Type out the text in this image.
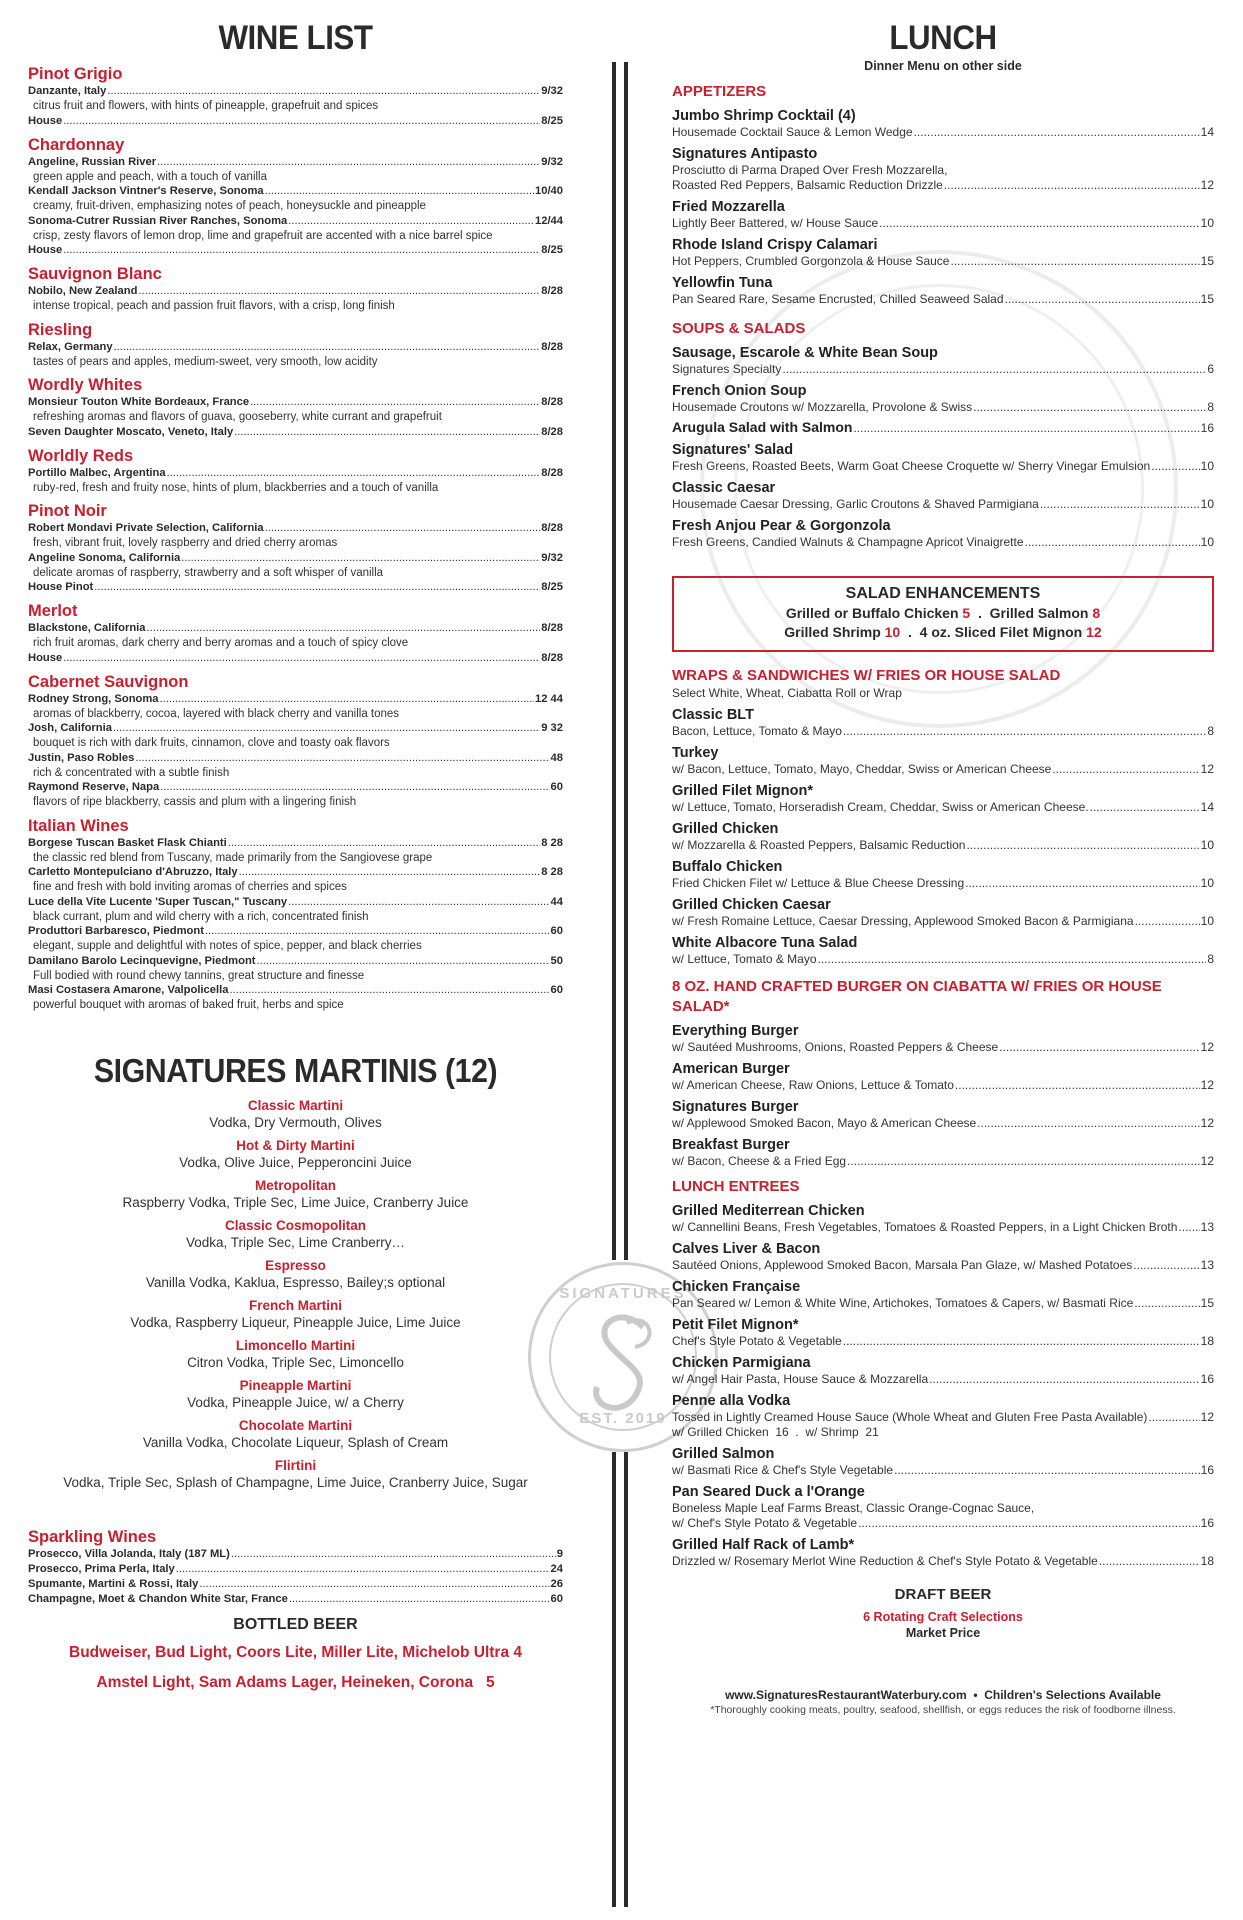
SIGNATURES
EST. 2019
WINE LIST
Pinot Grigio
Danzante, Italy .....	9/32
citrus fruit and flowers, with hints of pineapple, grapefruit and spices
House .....	8/25
Chardonnay
Angeline, Russian River .....	9/32
green apple and peach, with a touch of vanilla
Kendall Jackson Vintner's Reserve, Sonoma .....	10/40
creamy, fruit-driven, emphasizing notes of peach, honeysuckle and pineapple
Sonoma-Cutrer Russian River Ranches, Sonoma .....	12/44
crisp, zesty flavors of lemon drop, lime and grapefruit are accented with a nice barrel spice
House .....	8/25
Sauvignon Blanc
Nobilo, New Zealand .....	8/28
intense tropical, peach and passion fruit flavors, with a crisp, long finish
Riesling
Relax, Germany .....	8/28
tastes of pears and apples, medium-sweet, very smooth, low acidity
Wordly Whites
Monsieur Touton White Bordeaux, France .....	8/28
refreshing aromas and flavors of guava, gooseberry, white currant and grapefruit
Seven Daughter Moscato, Veneto, Italy .....	8/28
Worldly Reds
Portillo Malbec, Argentina .....	8/28
ruby-red, fresh and fruity nose, hints of plum, blackberries and a touch of vanilla
Pinot Noir
Robert Mondavi Private Selection, California .....	8/28
fresh, vibrant fruit, lovely raspberry and dried cherry aromas
Angeline Sonoma, California .....	9/32
delicate aromas of raspberry, strawberry and a soft whisper of vanilla
House Pinot .....	8/25
Merlot
Blackstone, California .....	8/28
rich fruit aromas, dark cherry and berry aromas and a touch of spicy clove
House .....	8/28
Cabernet Sauvignon
Rodney Strong, Sonoma .....	12 44
aromas of blackberry, cocoa, layered with black cherry and vanilla tones
Josh, California .....	9 32
bouquet is rich with dark fruits, cinnamon, clove and toasty oak flavors
Justin, Paso Robles .....	48
rich & concentrated with a subtle finish
Raymond Reserve, Napa .....	60
flavors of ripe blackberry, cassis and plum with a lingering finish
Italian Wines
Borgese Tuscan Basket Flask Chianti .....	8 28
the classic red blend from Tuscany, made primarily from the Sangiovese grape
Carletto Montepulciano d'Abruzzo, Italy .....	8 28
fine and fresh with bold inviting aromas of cherries and spices
Luce della Vite Lucente 'Super Tuscan," Tuscany .....	44
black currant, plum and wild cherry with a rich, concentrated finish
Produttori Barbaresco, Piedmont .....	60
elegant, supple and delightful with notes of spice, pepper, and black cherries
Damilano Barolo Lecinquevigne, Piedmont .....	50
Full bodied with round chewy tannins, great structure and finesse
Masi Costasera Amarone, Valpolicella .....	60
powerful bouquet with aromas of baked fruit, herbs and spice
SIGNATURES MARTINIS (12)
Classic Martini
Vodka, Dry Vermouth, Olives
Hot & Dirty Martini
Vodka, Olive Juice, Pepperoncini Juice
Metropolitan
Raspberry Vodka, Triple Sec, Lime Juice, Cranberry Juice
Classic Cosmopolitan
Vodka, Triple Sec, Lime Cranberry…
Espresso
Vanilla Vodka, Kaklua, Espresso, Bailey;s optional
French Martini
Vodka, Raspberry Liqueur, Pineapple Juice, Lime Juice
Limoncello Martini
Citron Vodka, Triple Sec, Limoncello
Pineapple Martini
Vodka, Pineapple Juice, w/ a Cherry
Chocolate Martini
Vanilla Vodka, Chocolate Liqueur, Splash of Cream
Flirtini
Vodka, Triple Sec, Splash of Champagne, Lime Juice, Cranberry Juice, Sugar
Sparkling Wines
Prosecco, Villa Jolanda, Italy (187 ML) .....	9
Prosecco, Prima Perla, Italy .....	24
Spumante, Martini & Rossi, Italy .....	26
Champagne, Moet & Chandon White Star, France .....	60
BOTTLED BEER
Budweiser, Bud Light, Coors Lite, Miller Lite, Michelob Ultra 4
Amstel Light, Sam Adams Lager, Heineken, Corona   5
LUNCH
Dinner Menu on other side
APPETIZERS
Jumbo Shrimp Cocktail (4)
Housemade Cocktail Sauce & Lemon Wedge .....	14
Signatures Antipasto
Prosciutto di Parma Draped Over Fresh Mozzarella,
Roasted Red Peppers, Balsamic Reduction Drizzle .....	12
Fried Mozzarella
Lightly Beer Battered, w/ House Sauce .....	10
Rhode Island Crispy Calamari
Hot Peppers, Crumbled Gorgonzola & House Sauce .....	15
Yellowfin Tuna
Pan Seared Rare, Sesame Encrusted, Chilled Seaweed Salad .....	15
SOUPS & SALADS
Sausage, Escarole & White Bean Soup
Signatures Specialty .....	6
French Onion Soup
Housemade Croutons w/ Mozzarella, Provolone & Swiss .....	8
Arugula Salad with Salmon .....	16
Signatures' Salad
Fresh Greens, Roasted Beets, Warm Goat Cheese Croquette w/ Sherry Vinegar Emulsion .....	10
Classic Caesar
Housemade Caesar Dressing, Garlic Croutons & Shaved Parmigiana .....	10
Fresh Anjou Pear & Gorgonzola
Fresh Greens, Candied Walnuts & Champagne Apricot Vinaigrette .....	10
SALAD ENHANCEMENTS
Grilled or Buffalo Chicken 5 . Grilled Salmon 8
Grilled Shrimp 10 . 4 oz. Sliced Filet Mignon 12
WRAPS & SANDWICHES W/ FRIES OR HOUSE SALAD
Select White, Wheat, Ciabatta Roll or Wrap
Classic BLT
Bacon, Lettuce, Tomato & Mayo .....	8
Turkey
w/ Bacon, Lettuce, Tomato, Mayo, Cheddar, Swiss or American Cheese .....	12
Grilled Filet Mignon*
w/ Lettuce, Tomato, Horseradish Cream, Cheddar, Swiss or American Cheese. .....	14
Grilled Chicken
w/ Mozzarella & Roasted Peppers, Balsamic Reduction .....	10
Buffalo Chicken
Fried Chicken Filet w/ Lettuce & Blue Cheese Dressing .....	10
Grilled Chicken Caesar
w/ Fresh Romaine Lettuce, Caesar Dressing, Applewood Smoked Bacon & Parmigiana .....	10
White Albacore Tuna Salad
w/ Lettuce, Tomato & Mayo .....	8
8 OZ. HAND CRAFTED BURGER ON CIABATTA W/ FRIES OR HOUSE SALAD*
Everything Burger
w/ Sautéed Mushrooms, Onions, Roasted Peppers & Cheese .....	12
American Burger
w/ American Cheese, Raw Onions, Lettuce & Tomato .....	12
Signatures Burger
w/ Applewood Smoked Bacon, Mayo & American Cheese .....	12
Breakfast Burger
w/ Bacon, Cheese & a Fried Egg .....	12
LUNCH ENTREES
Grilled Mediterrean Chicken
w/ Cannellini Beans, Fresh Vegetables, Tomatoes & Roasted Peppers, in a Light Chicken Broth ..... 13
Calves Liver & Bacon
Sautéed Onions, Applewood Smoked Bacon, Marsala Pan Glaze, w/ Mashed Potatoes .....	13
Chicken Française
Pan Seared w/ Lemon & White Wine, Artichokes, Tomatoes & Capers, w/ Basmati Rice .....	15
Petit Filet Mignon*
Chef's Style Potato & Vegetable .....	18
Chicken Parmigiana
w/ Angel Hair Pasta, House Sauce & Mozzarella .....	16
Penne alla Vodka
Tossed in Lightly Creamed House Sauce (Whole Wheat and Gluten Free Pasta Available) .....	12
w/ Grilled Chicken  16  .  w/ Shrimp  21
Grilled Salmon
w/ Basmati Rice & Chef's Style Vegetable .....	16
Pan Seared Duck a l'Orange
Boneless Maple Leaf Farms Breast, Classic Orange-Cognac Sauce,
w/ Chef's Style Potato & Vegetable .....	16
Grilled Half Rack of Lamb*
Drizzled w/ Rosemary Merlot Wine Reduction & Chef's Style Potato & Vegetable .....	18
DRAFT BEER
6 Rotating Craft Selections
Market Price
www.SignaturesRestaurantWaterbury.com  •  Children's Selections Available
*Thoroughly cooking meats, poultry, seafood, shellfish, or eggs reduces the risk of foodborne illness.
